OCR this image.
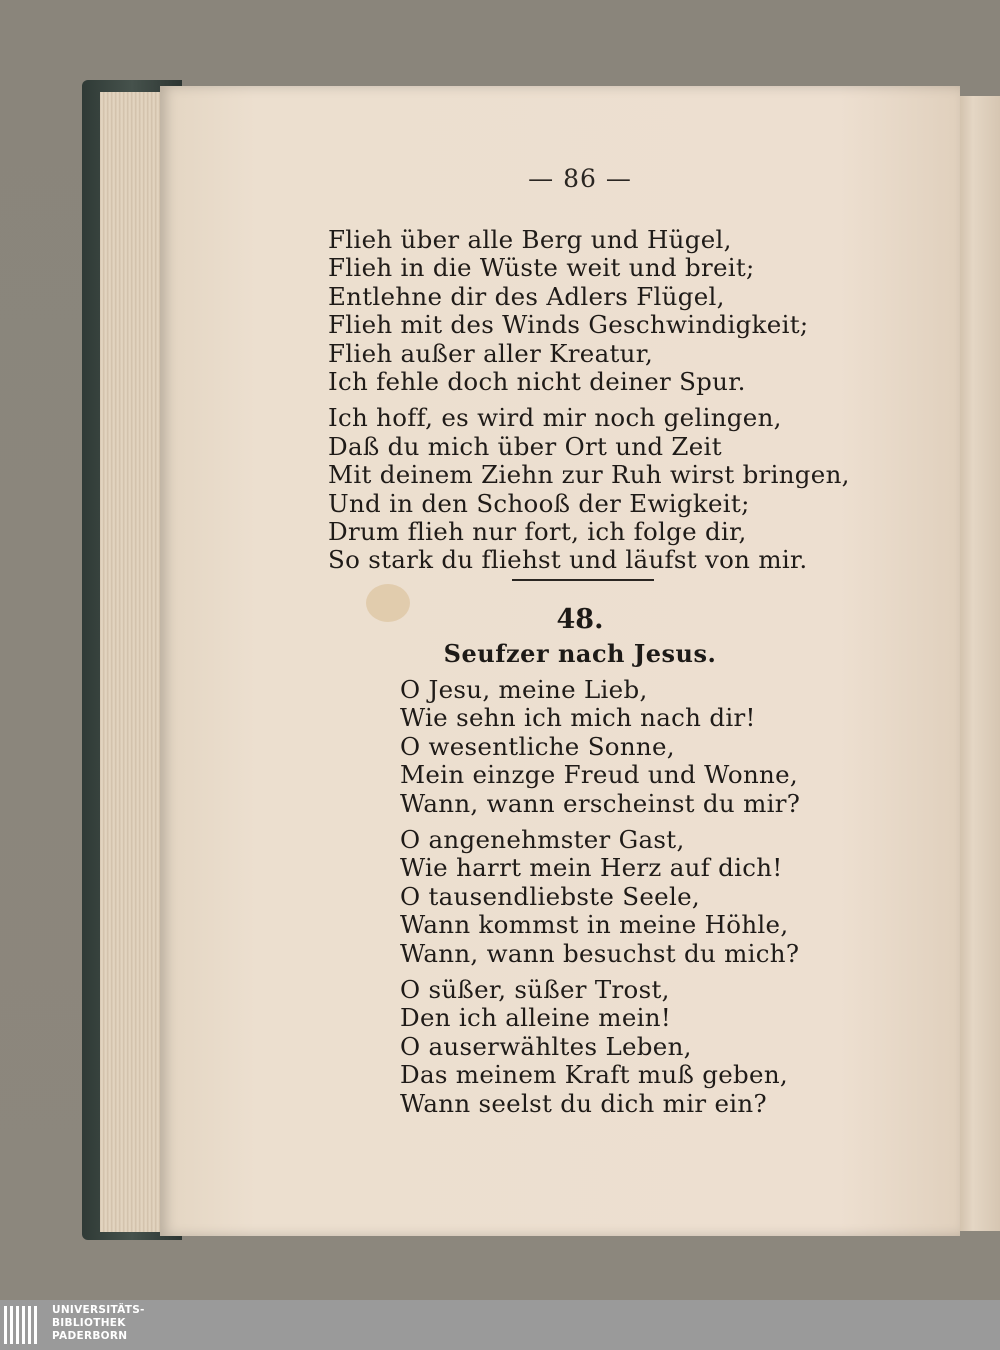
— 86 —
Flieh über alle Berg und Hügel,
Flieh in die Wüste weit und breit;
Entlehne dir des Adlers Flügel,
Flieh mit des Winds Geschwindigkeit;
Flieh außer aller Kreatur,
Ich fehle doch nicht deiner Spur.
Ich hoff, es wird mir noch gelingen,
Daß du mich über Ort und Zeit
Mit deinem Ziehn zur Ruh wirst bringen,
Und in den Schooß der Ewigkeit;
Drum flieh nur fort, ich folge dir,
So stark du fliehst und läufst von mir.
48.
Seufzer nach Jesus.
O Jesu, meine Lieb,
Wie sehn ich mich nach dir!
O wesentliche Sonne,
Mein einzge Freud und Wonne,
Wann, wann erscheinst du mir?
O angenehmster Gast,
Wie harrt mein Herz auf dich!
O tausendliebste Seele,
Wann kommst in meine Höhle,
Wann, wann besuchst du mich?
O süßer, süßer Trost,
Den ich alleine mein!
O auserwähltes Leben,
Das meinem Kraft muß geben,
Wann seelst du dich mir ein?
UNIVERSITÄTS-
BIBLIOTHEK
PADERBORN
